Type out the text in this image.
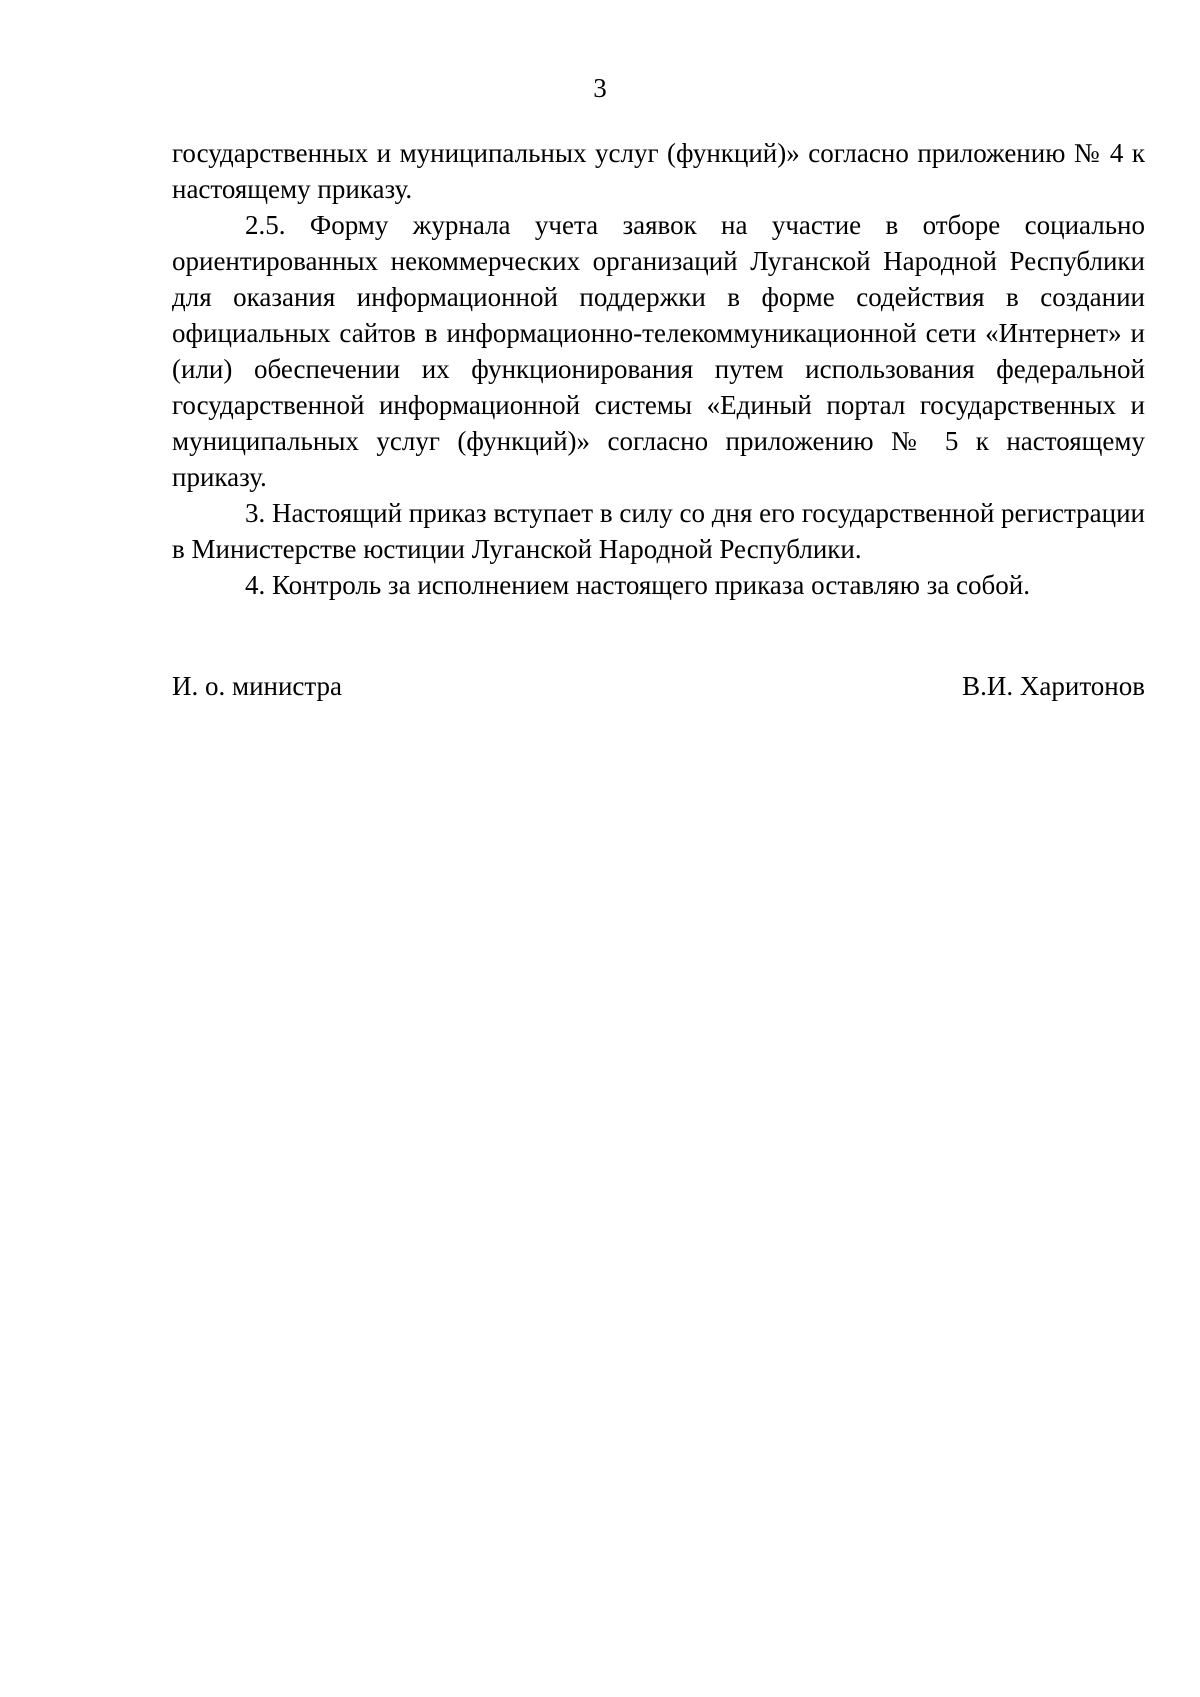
3

государственных и муниципальных услуг (функций)» согласно приложению № 4 к настоящему приказу.

2.5. Форму журнала учета заявок на участие в отборе социально ориентированных некоммерческих организаций Луганской Народной Республики для оказания информационной поддержки в форме содействия в создании официальных сайтов в информационно-телекоммуникационной сети «Интернет» и (или) обеспечении их функционирования путем использования федеральной государственной информационной системы «Единый портал государственных и муниципальных услуг (функций)» согласно приложению № 5 к настоящему приказу.

3. Настоящий приказ вступает в силу со дня его государственной регистрации в Министерстве юстиции Луганской Народной Республики.

4. Контроль за исполнением настоящего приказа оставляю за собой.

И. о. министра	В.И. Харитонов
